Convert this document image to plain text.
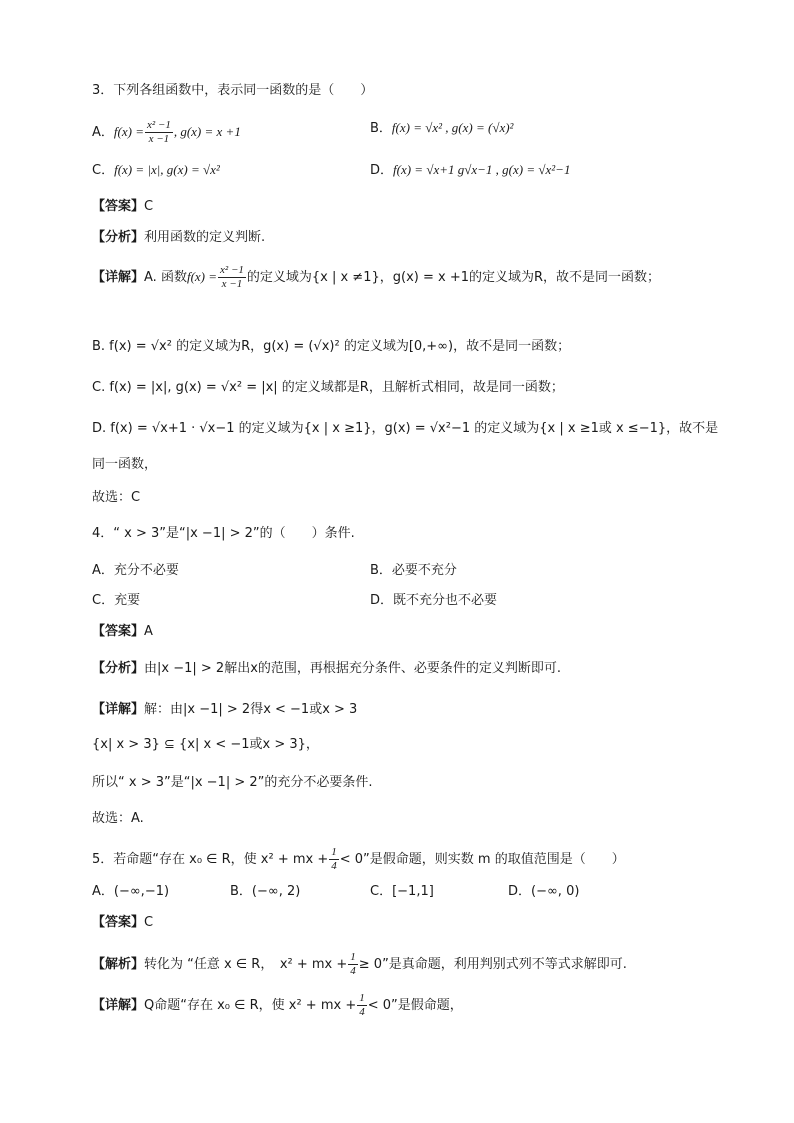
3．下列各组函数中，表示同一函数的是（　　）
A．$f(x) = \frac{\text{x² −1}}{x -1}$ , g(x) = x +1	B．f(x) = √x² , g(x) = (√x)²
C．f(x) = |x|, g(x) = √x²	D．f(x) = √x+1 g√x−1 , g(x) = √x²−1
【答案】C
【分析】利用函数的定义判断.
【详解】A. 函数$f(x) = \frac{\text{x² −1}}{x -1}$ 的定义域为{x | x ≠1}，g(x) = x +1的定义域为R，故不是同一函数；
B. f(x) = √x² 的定义域为R，g(x) = (√x)² 的定义域为[0,+∞)，故不是同一函数；
C. f(x) = |x|, g(x) = √x² = |x| 的定义域都是R，且解析式相同，故是同一函数；
D. f(x) = √x+1 · √x−1 的定义域为{x | x ≥1}，g(x) = √x²−1 的定义域为{x | x ≥1或 x ≤−1}，故不是
同一函数，
故选：C
4．“ x > 3”是“|x −1| > 2”的（　　）条件.
A．充分不必要	B．必要不充分
C．充要	D．既不充分也不必要
【答案】A
【分析】由|x −1| > 2解出x的范围，再根据充分条件、必要条件的定义判断即可.
【详解】解：由|x −1| > 2得x < −1或x > 3
{x| x > 3} ⊆ {x| x < −1或x > 3}，
所以“ x > 3”是“|x −1| > 2”的充分不必要条件.
故选：A.
5．若命题“存在 x₀ ∈ R，使 x² + mx + $\frac{1}{4} < 0$”是假命题，则实数 m 的取值范围是（　　）
A．(−∞,−1)	B．(−∞, 2)	C．[−1,1]	D．(−∞, 0)
【答案】C
【解析】转化为 “任意 x ∈ R，　x² + mx + $\frac{1}{4} \ge 0$”是真命题，利用判别式列不等式求解即可.
【详解】Q命题“存在 x₀ ∈ R，使 x² + mx + $\frac{1}{4} < 0$”是假命题，
